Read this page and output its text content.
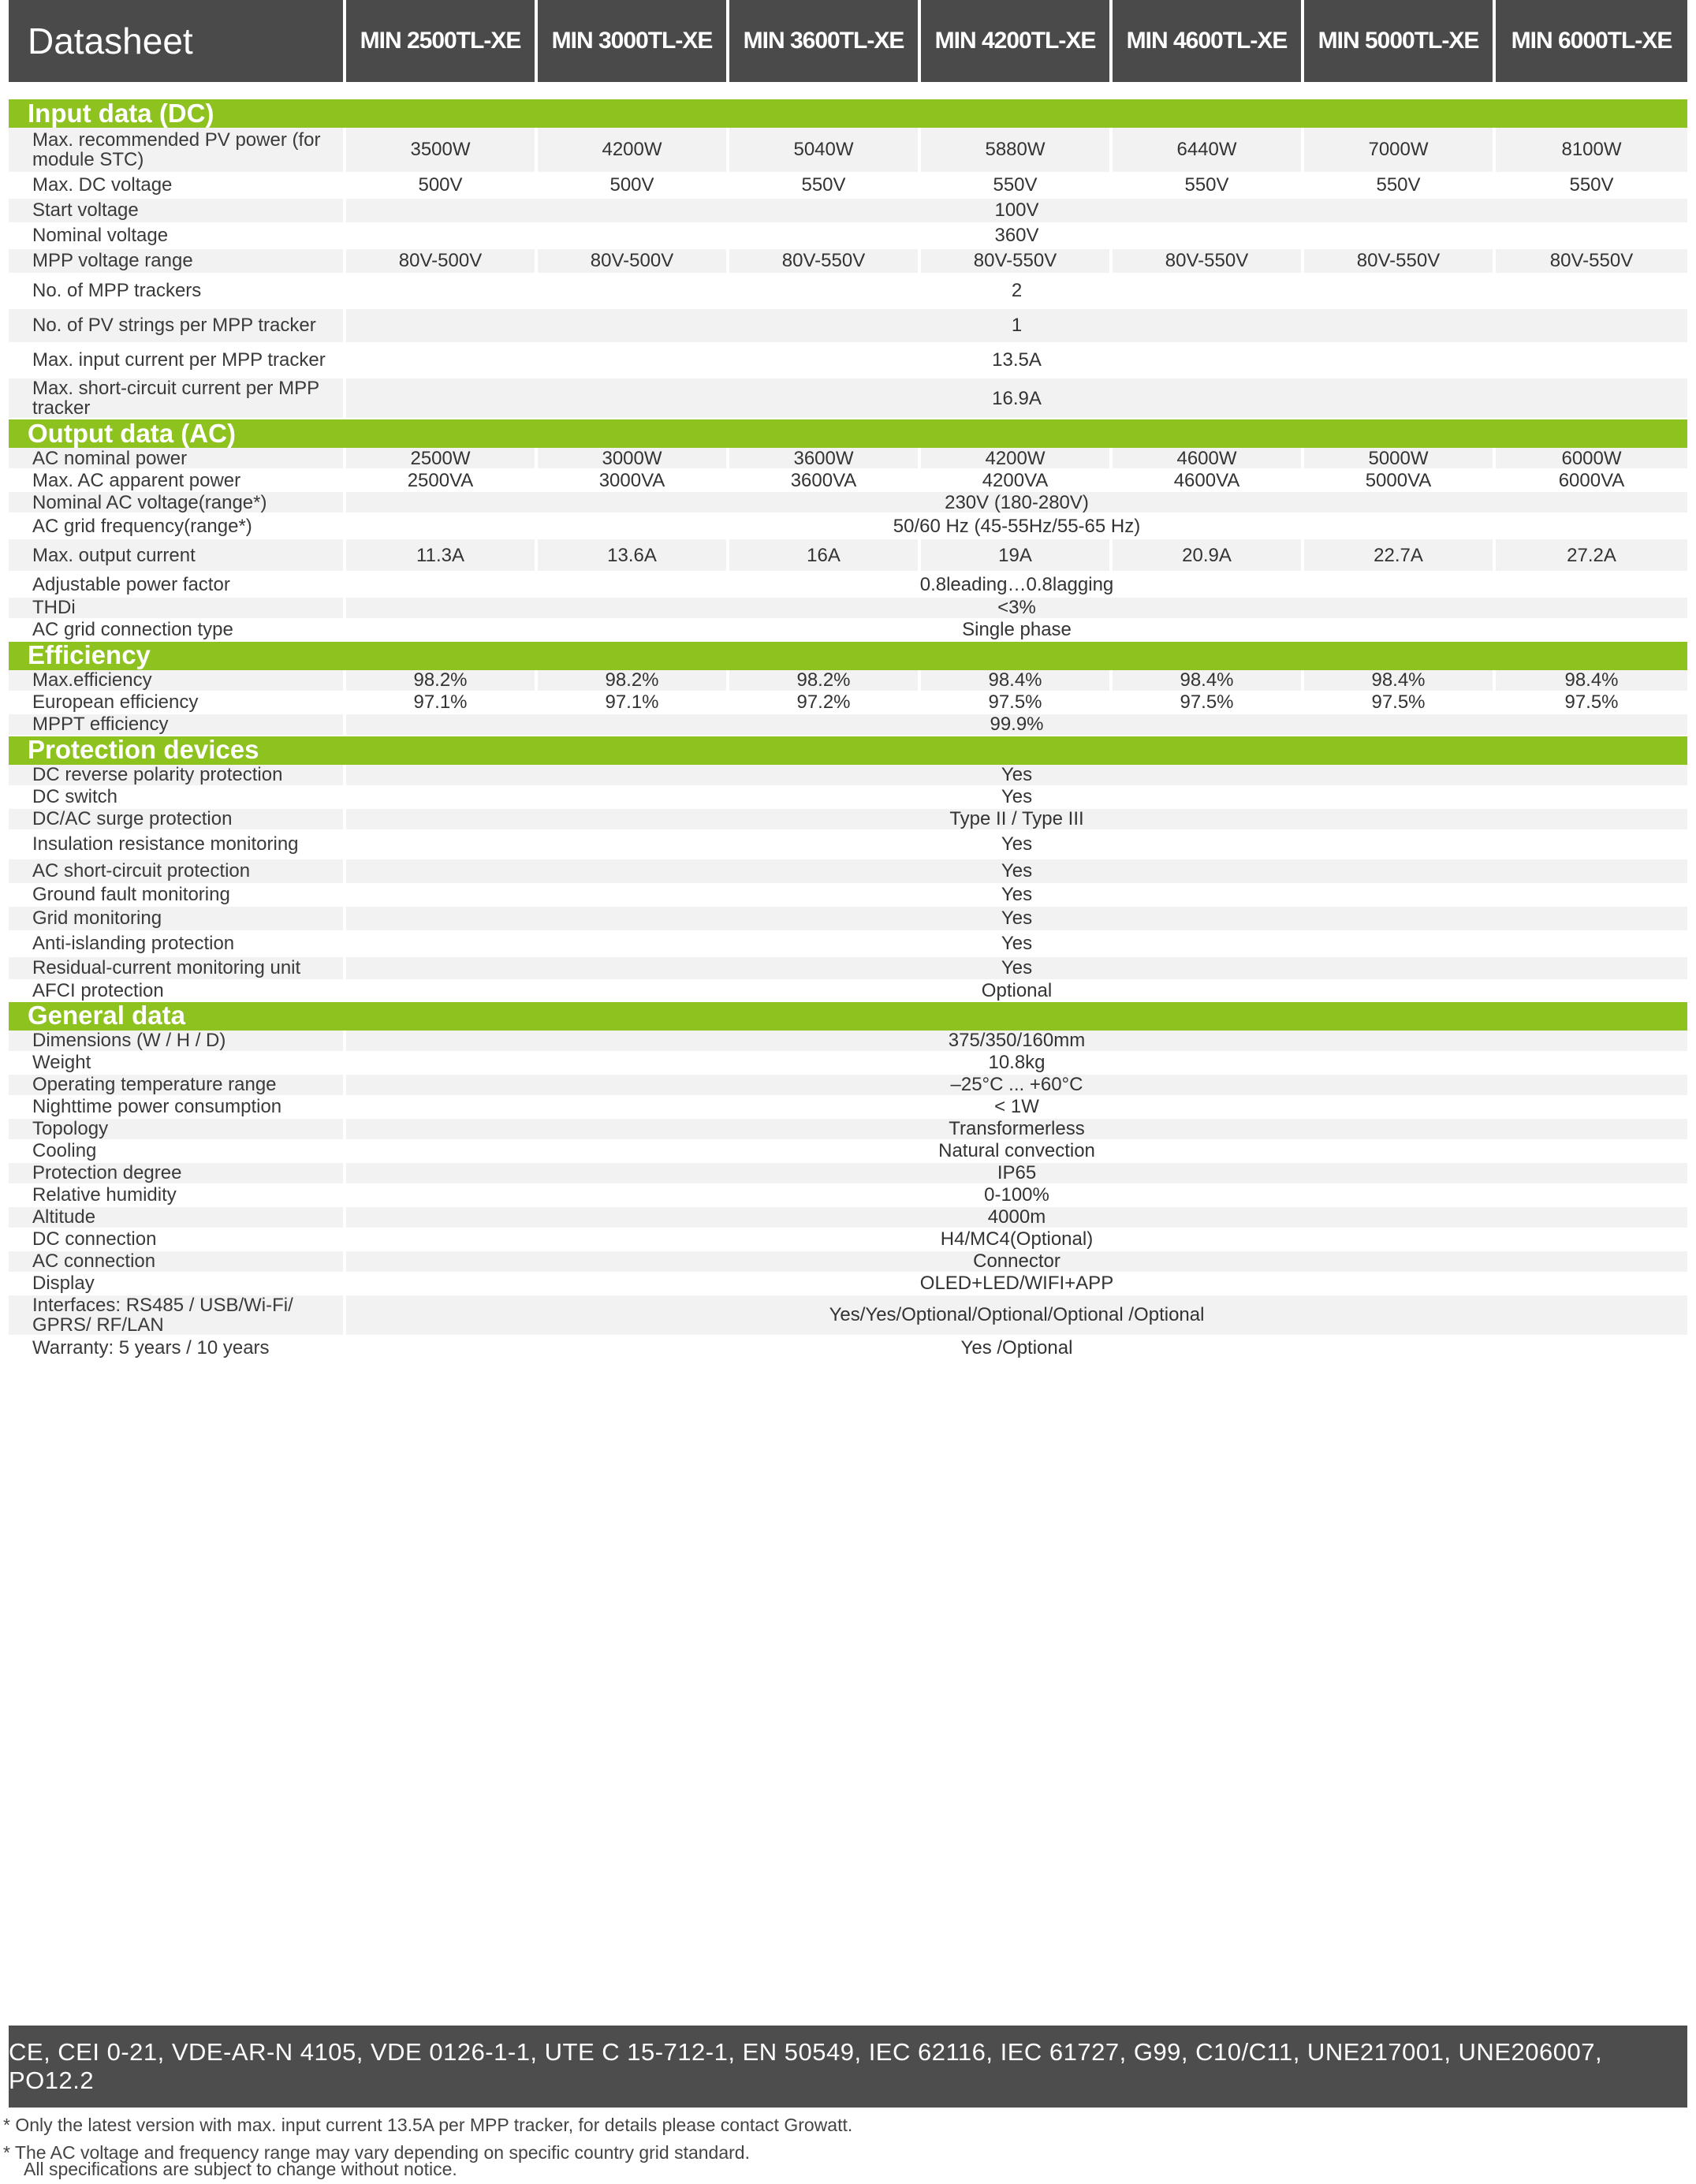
Datasheet	MIN 2500TL-XE	MIN 3000TL-XE	MIN 3600TL-XE	MIN 4200TL-XE	MIN 4600TL-XE	MIN 5000TL-XE	MIN 6000TL-XE

Input data (DC)							
Max. recommended PV power (for module STC)	3500W	4200W	5040W	5880W	6440W	7000W	8100W
Max. DC voltage	500V	500V	550V	550V	550V	550V	550V
Start voltage	100V						
Nominal voltage	360V						
MPP voltage range	80V-500V	80V-500V	80V-550V	80V-550V	80V-550V	80V-550V	80V-550V
No. of MPP trackers	2						
No. of PV strings per MPP tracker	1						
Max. input current per MPP tracker	13.5A						
Max. short-circuit current per MPP tracker	16.9A						
Output data (AC)							
AC nominal power	2500W	3000W	3600W	4200W	4600W	5000W	6000W
Max. AC apparent power	2500VA	3000VA	3600VA	4200VA	4600VA	5000VA	6000VA
Nominal AC voltage(range*)	230V (180-280V)						
AC grid frequency(range*)	50/60 Hz (45-55Hz/55-65 Hz)						
Max. output current	11.3A	13.6A	16A	19A	20.9A	22.7A	27.2A
Adjustable power factor	0.8leading…0.8lagging						
THDi	<3%						
AC grid connection type	Single phase						
Efficiency							
Max.efficiency	98.2%	98.2%	98.2%	98.4%	98.4%	98.4%	98.4%
European efficiency	97.1%	97.1%	97.2%	97.5%	97.5%	97.5%	97.5%
MPPT efficiency	99.9%						
Protection devices							
DC reverse polarity protection	Yes						
DC switch	Yes						
DC/AC surge protection	Type II / Type III						
Insulation resistance monitoring	Yes						
AC short-circuit protection	Yes						
Ground fault monitoring	Yes						
Grid monitoring	Yes						
Anti-islanding protection	Yes						
Residual-current monitoring unit	Yes						
AFCI protection	Optional						
General data							
Dimensions (W / H / D)	375/350/160mm						
Weight	10.8kg						
Operating temperature range	–25°C ... +60°C						
Nighttime power consumption	< 1W						
Topology	Transformerless						
Cooling	Natural convection						
Protection degree	IP65						
Relative humidity	0-100%						
Altitude	4000m						
DC connection	H4/MC4(Optional)						
AC connection	Connector						
Display	OLED+LED/WIFI+APP						
Interfaces: RS485 / USB/Wi-Fi/ GPRS/ RF/LAN	Yes/Yes/Optional/Optional/Optional /Optional						
Warranty: 5 years / 10 years	Yes /Optional						
CE, CEI 0-21, VDE-AR-N 4105, VDE 0126-1-1, UTE C 15-712-1, EN 50549, IEC 62116, IEC 61727, G99, C10/C11, UNE217001, UNE206007, PO12.2
* Only the latest version with max. input current 13.5A per MPP tracker, for details please contact Growatt.
* The AC voltage and frequency range may vary depending on specific country grid standard.
All specifications are subject to change without notice.
